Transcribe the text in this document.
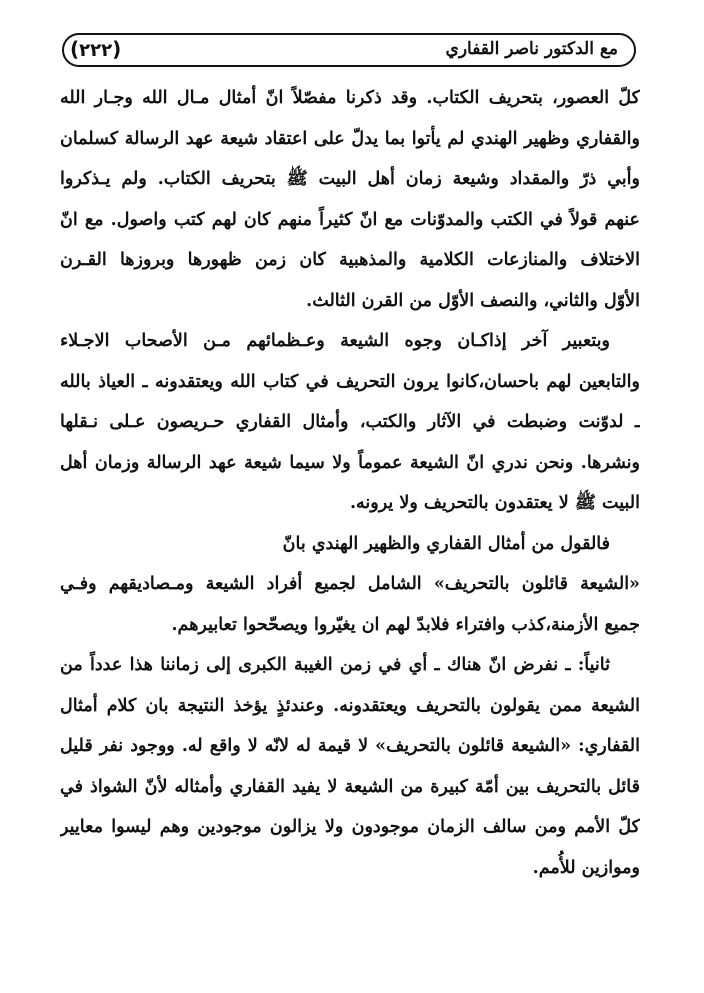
(٢٢٢)	مع الدكتور ناصر القفاري
كلّ العصور، بتحريف الكتاب. وقد ذكرنا مفصّلاً انّ أمثال مـال الله وجـار الله
والقفاري وظهير الهندي لم يأتوا بما يدلّ على اعتقاد شيعة عهد الرسالة كسلمان
وأبي ذرّ والمقداد وشيعة زمان أهل البيت ﷺ بتحريف الكتاب. ولم يـذكروا
عنهم قولاً في الكتب والمدوّنات مع انّ كثيراً منهم كان لهم كتب واصول. مع انّ
الاختلاف والمنازعات الكلامية والمذهبية كان زمن ظهورها وبروزها القـرن
الأوّل والثاني، والنصف الأوّل من القرن الثالث.
وبتعبير آخر إذاكـان وجوه الشيعة وعـظمائهم مـن الأصحاب الاجـلاء
والتابعين لهم باحسان،كانوا يرون التحريف في كتاب الله ويعتقدونه ـ العياذ بالله
ـ لدوّنت وضبطت في الآثار والكتب، وأمثال القفاري حـريصون عـلى نـقلها
ونشرها. ونحن ندري انّ الشيعة عموماً ولا سيما شيعة عهد الرسالة وزمان أهل
البيت ﷺ لا يعتقدون بالتحريف ولا يرونه.
فالقول من أمثال القفاري والظهير الهندي بانّ
«الشيعة قائلون بالتحريف» الشامل لجميع أفراد الشيعة ومـصاديقهم وفـي
جميع الأزمنة،كذب وافتراء فلابدّ لهم ان يغيّروا ويصحّحوا تعابيرهم.
ثانياً: ـ نفرض انّ هناك ـ أي في زمن الغيبة الكبرى إلى زماننا هذا عدداً من
الشيعة ممن يقولون بالتحريف ويعتقدونه. وعندئذٍ يؤخذ النتيجة بان كلام أمثال
القفاري: «الشيعة قائلون بالتحريف» لا قيمة له لانّه لا واقع له. ووجود نفر قليل
قائل بالتحريف بين أمّة كبيرة من الشيعة لا يفيد القفاري وأمثاله لأنّ الشواذ في
كلّ الأمم ومن سالف الزمان موجودون ولا يزالون موجودين وهم ليسوا معايير
وموازين للأُمم.
